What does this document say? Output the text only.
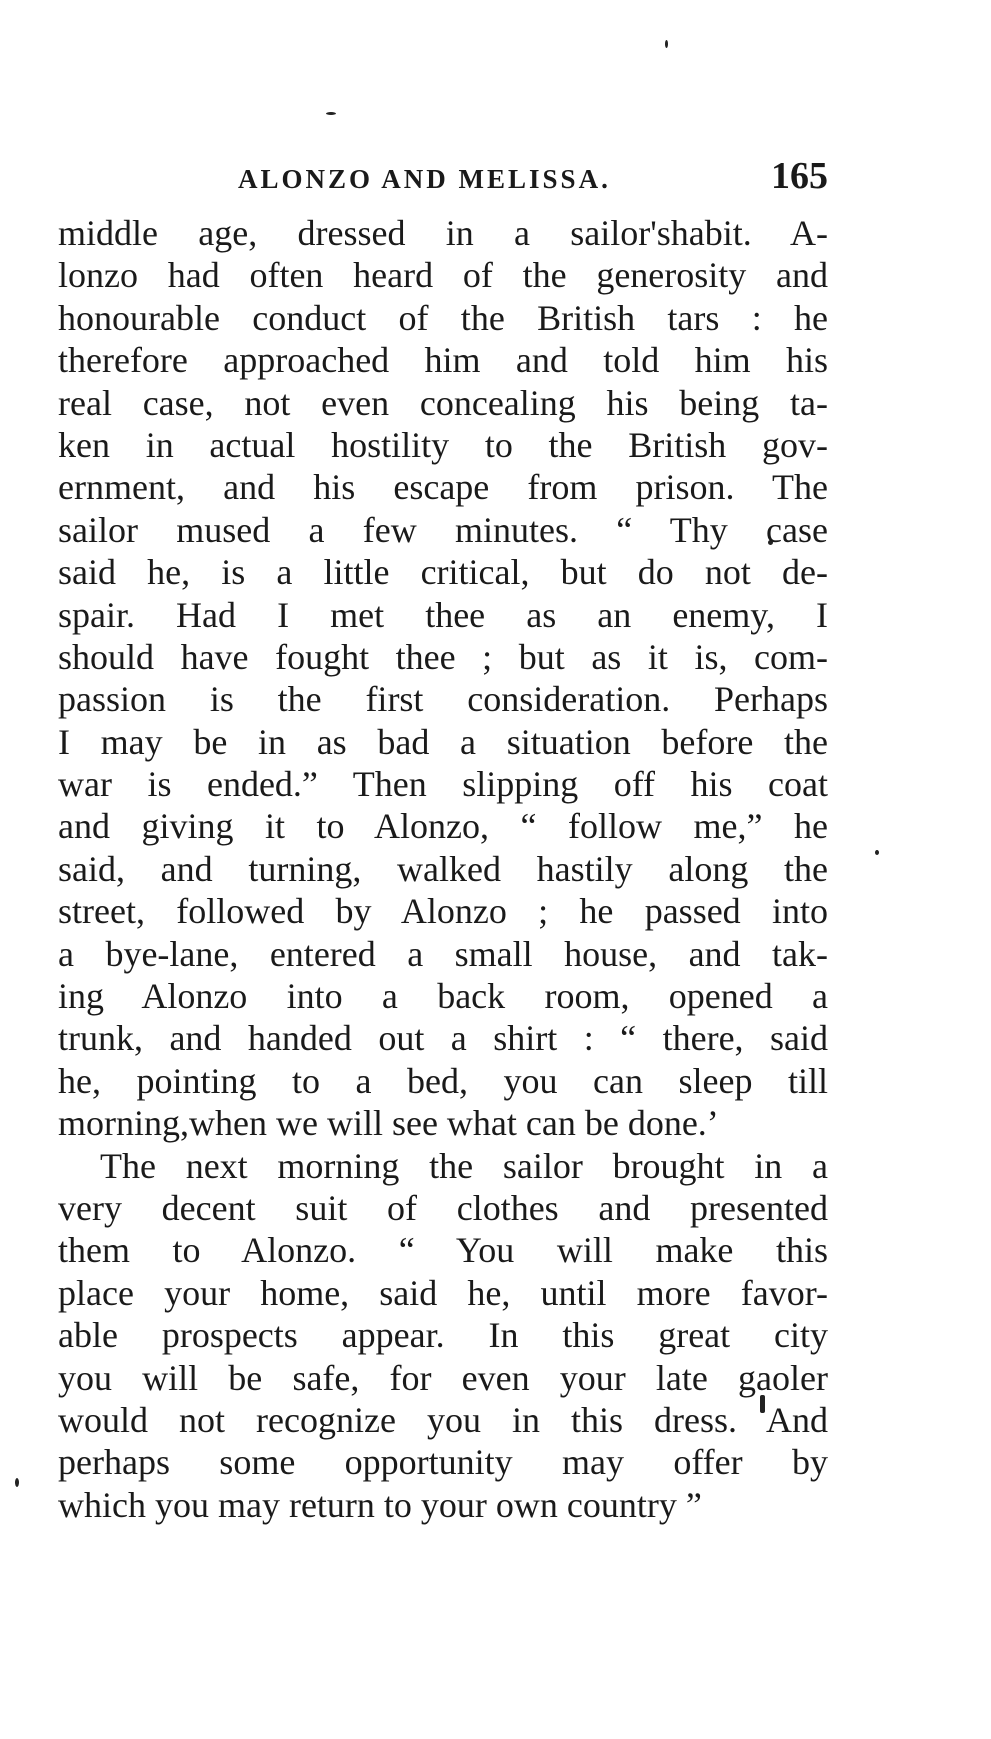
ALONZO AND MELISSA.	165
middle age, dressed in a sailor'shabit. A-
lonzo had often heard of the generosity and
honourable conduct of the British tars : he
therefore approached him and told him his
real case, not even concealing his being ta-
ken in actual hostility to the British gov-
ernment, and his escape from prison. The
sailor mused a few minutes. “ Thy case
said he, is a little critical, but do not de-
spair. Had I met thee as an enemy, I
should have fought thee ; but as it is, com-
passion is the first consideration. Perhaps
I may be in as bad a situation before the
war is ended.” Then slipping off his coat
and giving it to Alonzo, “ follow me,” he
said, and turning, walked hastily along the
street, followed by Alonzo ; he passed into
a bye-lane, entered a small house, and tak-
ing Alonzo into a back room, opened a
trunk, and handed out a shirt : “ there, said
he, pointing to a bed, you can sleep till
morning,when we will see what can be done.’
The next morning the sailor brought in a
very decent suit of clothes and presented
them to Alonzo. “ You will make this
place your home, said he, until more favor-
able prospects appear. In this great city
you will be safe, for even your late gaoler
would not recognize you in this dress. And
perhaps some opportunity may offer by
which you may return to your own country ”
